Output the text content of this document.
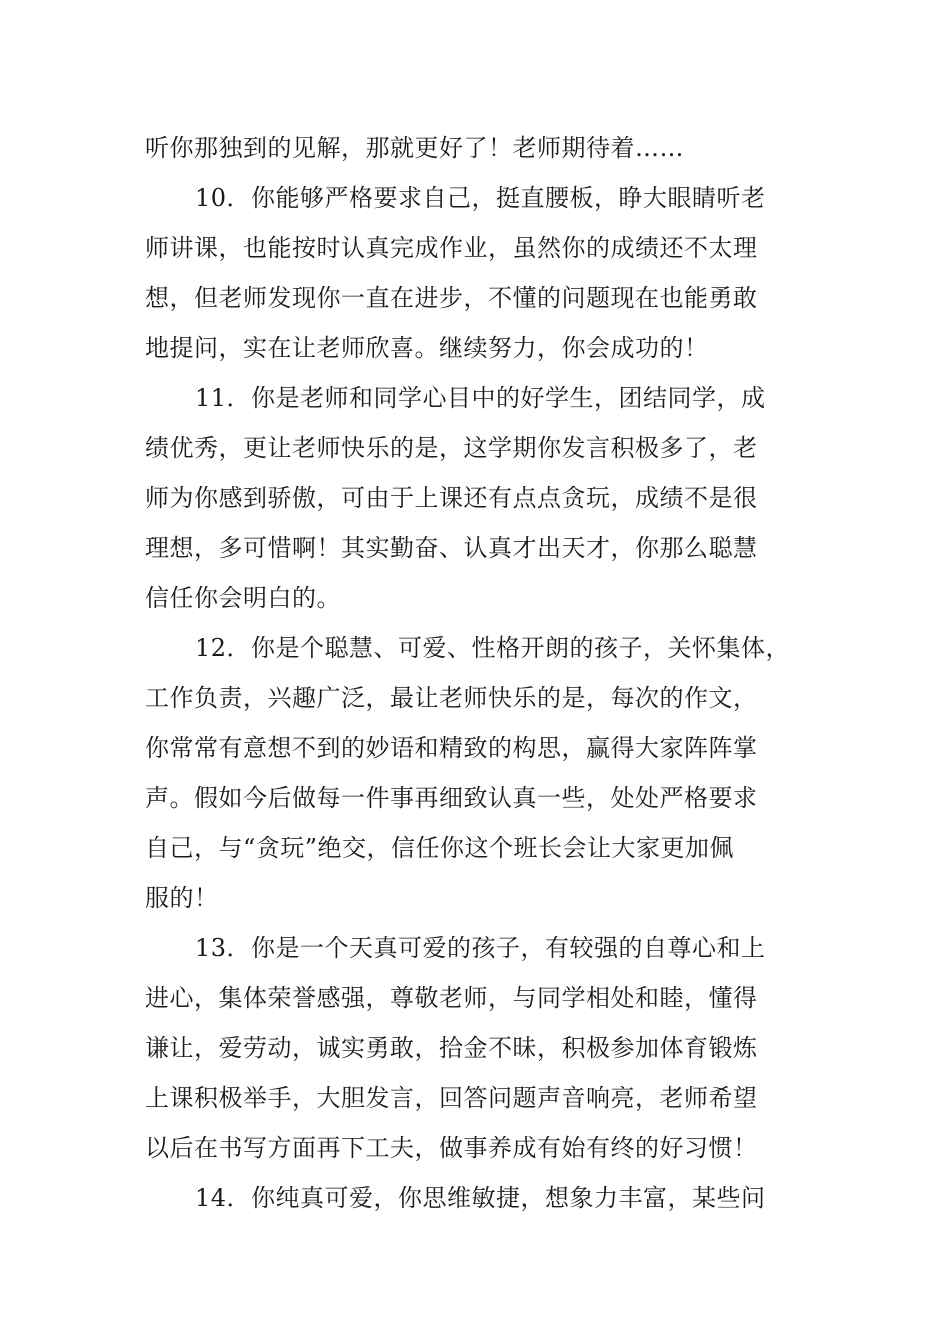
听你那独到的见解，那就更好了！老师期待着……
10．你能够严格要求自己，挺直腰板，睁大眼睛听老
师讲课，也能按时认真完成作业，虽然你的成绩还不太理
想，但老师发现你一直在进步，不懂的问题现在也能勇敢
地提问，实在让老师欣喜。继续努力，你会成功的！
11．你是老师和同学心目中的好学生，团结同学，成
绩优秀，更让老师快乐的是，这学期你发言积极多了，老
师为你感到骄傲，可由于上课还有点点贪玩，成绩不是很
理想，多可惜啊！其实勤奋、认真才出天才，你那么聪慧
信任你会明白的。
12．你是个聪慧、可爱、性格开朗的孩子，关怀集体，
工作负责，兴趣广泛，最让老师快乐的是，每次的作文，
你常常有意想不到的妙语和精致的构思，赢得大家阵阵掌
声。假如今后做每一件事再细致认真一些，处处严格要求
自己，与“贪玩”绝交，信任你这个班长会让大家更加佩
服的！
13．你是一个天真可爱的孩子，有较强的自尊心和上
进心，集体荣誉感强，尊敬老师，与同学相处和睦，懂得
谦让，爱劳动，诚实勇敢，拾金不昧，积极参加体育锻炼
上课积极举手，大胆发言，回答问题声音响亮，老师希望
以后在书写方面再下工夫，做事养成有始有终的好习惯！
14．你纯真可爱，你思维敏捷，想象力丰富，某些问
